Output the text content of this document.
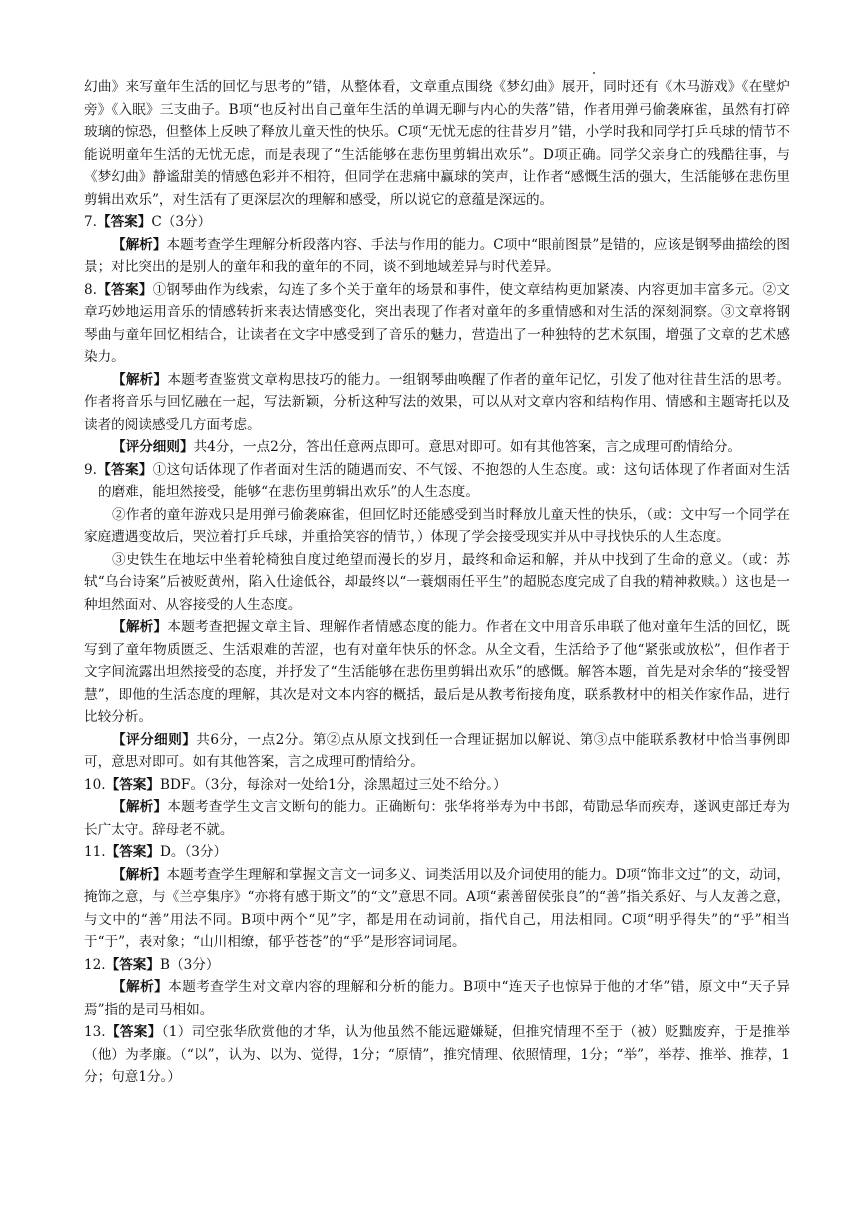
幻曲》来写童年生活的回忆与思考的”错，从整体看，文章重点围绕《梦幻曲》展开，同时还有《木马游戏》《在壁炉旁》《入眠》三支曲子。B项“也反衬出自己童年生活的单调无聊与内心的失落”错，作者用弹弓偷袭麻雀，虽然有打碎玻璃的惊恐，但整体上反映了释放儿童天性的快乐。C项“无忧无虑的往昔岁月”错，小学时我和同学打乒乓球的情节不能说明童年生活的无忧无虑，而是表现了“生活能够在悲伤里剪辑出欢乐”。D项正确。同学父亲身亡的残酷往事，与《梦幻曲》静谧甜美的情感色彩并不相符，但同学在悲痛中赢球的笑声，让作者“感慨生活的强大，生活能够在悲伤里剪辑出欢乐”，对生活有了更深层次的理解和感受，所以说它的意蕴是深远的。

7.【答案】C（3分）

【解析】本题考查学生理解分析段落内容、手法与作用的能力。C项中“眼前图景”是错的，应该是钢琴曲描绘的图景；对比突出的是别人的童年和我的童年的不同，谈不到地域差异与时代差异。

8.【答案】①钢琴曲作为线索，勾连了多个关于童年的场景和事件，使文章结构更加紧凑、内容更加丰富多元。②文章巧妙地运用音乐的情感转折来表达情感变化，突出表现了作者对童年的多重情感和对生活的深刻洞察。③文章将钢琴曲与童年回忆相结合，让读者在文字中感受到了音乐的魅力，营造出了一种独特的艺术氛围，增强了文章的艺术感染力。

【解析】本题考查鉴赏文章构思技巧的能力。一组钢琴曲唤醒了作者的童年记忆，引发了他对往昔生活的思考。作者将音乐与回忆融在一起，写法新颖，分析这种写法的效果，可以从对文章内容和结构作用、情感和主题寄托以及读者的阅读感受几方面考虑。

【评分细则】共4分，一点2分，答出任意两点即可。意思对即可。如有其他答案，言之成理可酌情给分。

9.【答案】①这句话体现了作者面对生活的随遇而安、不气馁、不抱怨的人生态度。或：这句话体现了作者面对生活的磨难，能坦然接受，能够“在悲伤里剪辑出欢乐”的人生态度。

②作者的童年游戏只是用弹弓偷袭麻雀，但回忆时还能感受到当时释放儿童天性的快乐，（或：文中写一个同学在家庭遭遇变故后，哭泣着打乒乓球，并重拾笑容的情节，）体现了学会接受现实并从中寻找快乐的人生态度。

③史铁生在地坛中坐着轮椅独自度过绝望而漫长的岁月，最终和命运和解，并从中找到了生命的意义。（或：苏轼“乌台诗案”后被贬黄州，陷入仕途低谷，却最终以“一蓑烟雨任平生”的超脱态度完成了自我的精神救赎。）这也是一种坦然面对、从容接受的人生态度。

【解析】本题考查把握文章主旨、理解作者情感态度的能力。作者在文中用音乐串联了他对童年生活的回忆，既写到了童年物质匮乏、生活艰难的苦涩，也有对童年快乐的怀念。从全文看，生活给予了他“紧张或放松”，但作者于文字间流露出坦然接受的态度，并抒发了“生活能够在悲伤里剪辑出欢乐”的感慨。解答本题，首先是对余华的“接受智慧”，即他的生活态度的理解，其次是对文本内容的概括，最后是从教考衔接角度，联系教材中的相关作家作品，进行比较分析。

【评分细则】共6分，一点2分。第②点从原文找到任一合理证据加以解说、第③点中能联系教材中恰当事例即可，意思对即可。如有其他答案，言之成理可酌情给分。

10.【答案】BDF。（3分，每涂对一处给1分，涂黑超过三处不给分。）

【解析】本题考查学生文言文断句的能力。正确断句：张华将举寿为中书郎，荀勖忌华而疾寿，遂讽吏部迁寿为长广太守。辞母老不就。

11.【答案】D。（3分）

【解析】本题考查学生理解和掌握文言文一词多义、词类活用以及介词使用的能力。D项“饰非文过”的文，动词，掩饰之意，与《兰亭集序》“亦将有感于斯文”的“文”意思不同。A项“素善留侯张良”的“善”指关系好、与人友善之意，与文中的“善”用法不同。B项中两个“见”字，都是用在动词前，指代自己，用法相同。C项“明乎得失”的“乎”相当于“于”，表对象；“山川相缭，郁乎苍苍”的“乎”是形容词词尾。

12.【答案】B（3分）

【解析】本题考查学生对文章内容的理解和分析的能力。B项中“连天子也惊异于他的才华”错，原文中“天子异焉”指的是司马相如。

13.【答案】（1）司空张华欣赏他的才华，认为他虽然不能远避嫌疑，但推究情理不至于（被）贬黜废弃，于是推举（他）为孝廉。（“以”，认为、以为、觉得，1分；“原情”，推究情理、依照情理，1分；“举”，举荐、推举、推荐，1分；句意1分。）
